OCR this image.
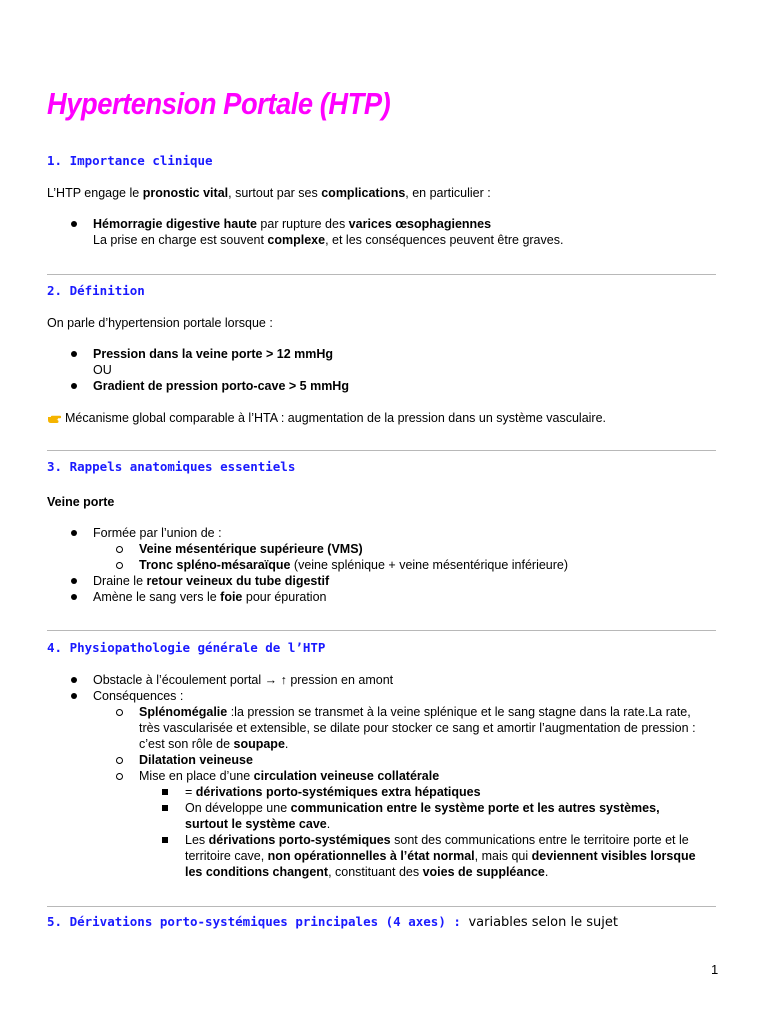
Hypertension Portale (HTP)
1. Importance clinique
L’HTP engage le pronostic vital, surtout par ses complications, en particulier :
Hémorragie digestive haute par rupture des varices œsophagiennes
La prise en charge est souvent complexe, et les conséquences peuvent être graves.
2. Définition
On parle d’hypertension portale lorsque :
Pression dans la veine porte > 12 mmHg
OU
Gradient de pression porto-cave > 5 mmHg
Mécanisme global comparable à l’HTA : augmentation de la pression dans un système vasculaire.
3. Rappels anatomiques essentiels
Veine porte
Formée par l’union de :
Veine mésentérique supérieure (VMS)
Tronc spléno-mésaraïque (veine splénique + veine mésentérique inférieure)
Draine le retour veineux du tube digestif
Amène le sang vers le foie pour épuration
4. Physiopathologie générale de l’HTP
Obstacle à l’écoulement portal → ↑ pression en amont
Conséquences :
Splénomégalie :la pression se transmet à la veine splénique et le sang stagne dans la rate.La rate,
très vascularisée et extensible, se dilate pour stocker ce sang et amortir l’augmentation de pression :
c’est son rôle de soupape.
Dilatation veineuse
Mise en place d’une circulation veineuse collatérale
= dérivations porto-systémiques extra hépatiques
On développe une communication entre le système porte et les autres systèmes,
surtout le système cave.
Les dérivations porto-systémiques sont des communications entre le territoire porte et le
territoire cave, non opérationnelles à l’état normal, mais qui deviennent visibles lorsque
les conditions changent, constituant des voies de suppléance.
5. Dérivations porto-systémiques principales (4 axes) : variables selon le sujet
1
